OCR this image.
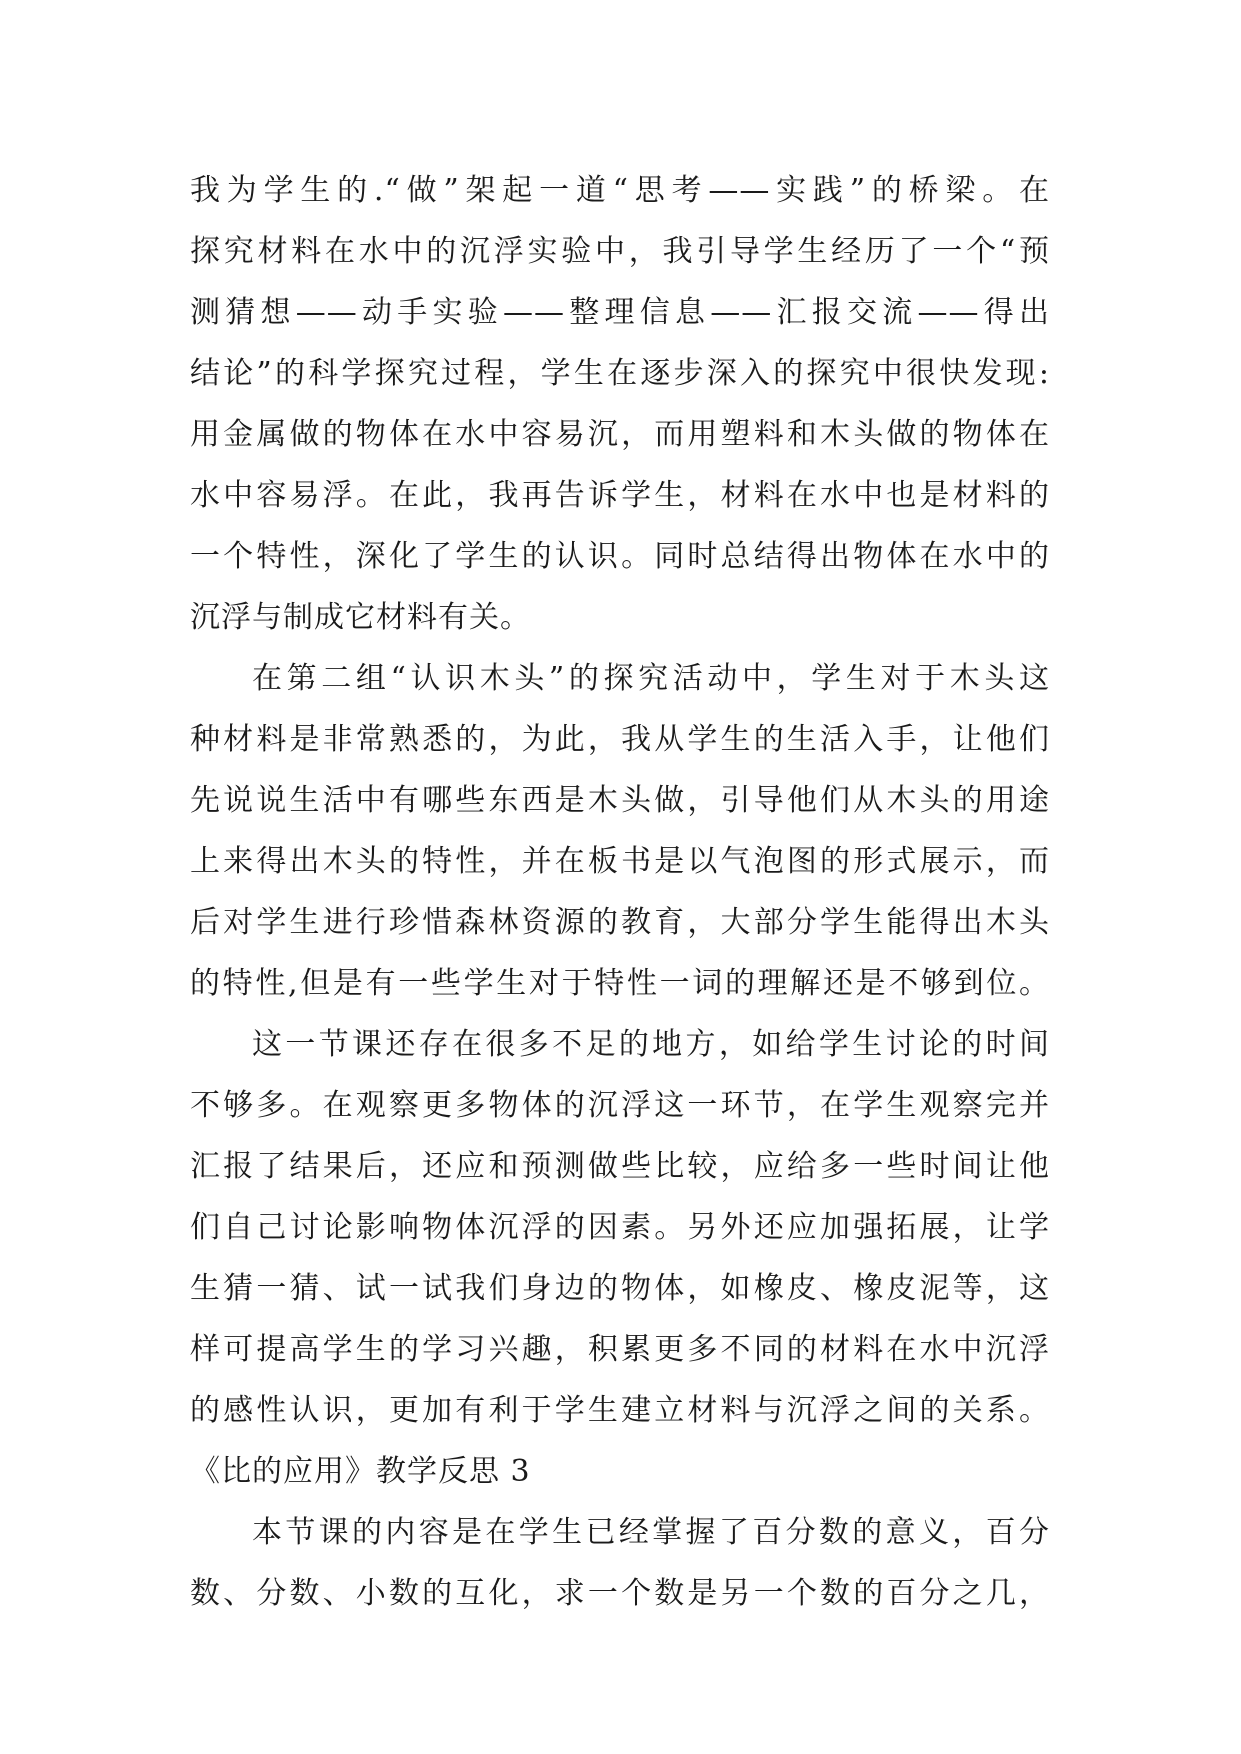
我为学生的.“做”架起一道“思考——实践”的桥梁。在
探究材料在水中的沉浮实验中，我引导学生经历了一个“预
测猜想——动手实验——整理信息——汇报交流——得出
结论”的科学探究过程，学生在逐步深入的探究中很快发现:
用金属做的物体在水中容易沉，而用塑料和木头做的物体在
水中容易浮。在此，我再告诉学生，材料在水中也是材料的
一个特性，深化了学生的认识。同时总结得出物体在水中的
沉浮与制成它材料有关。
在第二组“认识木头”的探究活动中，学生对于木头这
种材料是非常熟悉的，为此，我从学生的生活入手，让他们
先说说生活中有哪些东西是木头做，引导他们从木头的用途
上来得出木头的特性，并在板书是以气泡图的形式展示，而
后对学生进行珍惜森林资源的教育，大部分学生能得出木头
的特性,但是有一些学生对于特性一词的理解还是不够到位。
这一节课还存在很多不足的地方，如给学生讨论的时间
不够多。在观察更多物体的沉浮这一环节，在学生观察完并
汇报了结果后，还应和预测做些比较，应给多一些时间让他
们自己讨论影响物体沉浮的因素。另外还应加强拓展，让学
生猜一猜、试一试我们身边的物体，如橡皮、橡皮泥等，这
样可提高学生的学习兴趣，积累更多不同的材料在水中沉浮
的感性认识，更加有利于学生建立材料与沉浮之间的关系。
《比的应用》教学反思 3
本节课的内容是在学生已经掌握了百分数的意义，百分
数、分数、小数的互化，求一个数是另一个数的百分之几，
